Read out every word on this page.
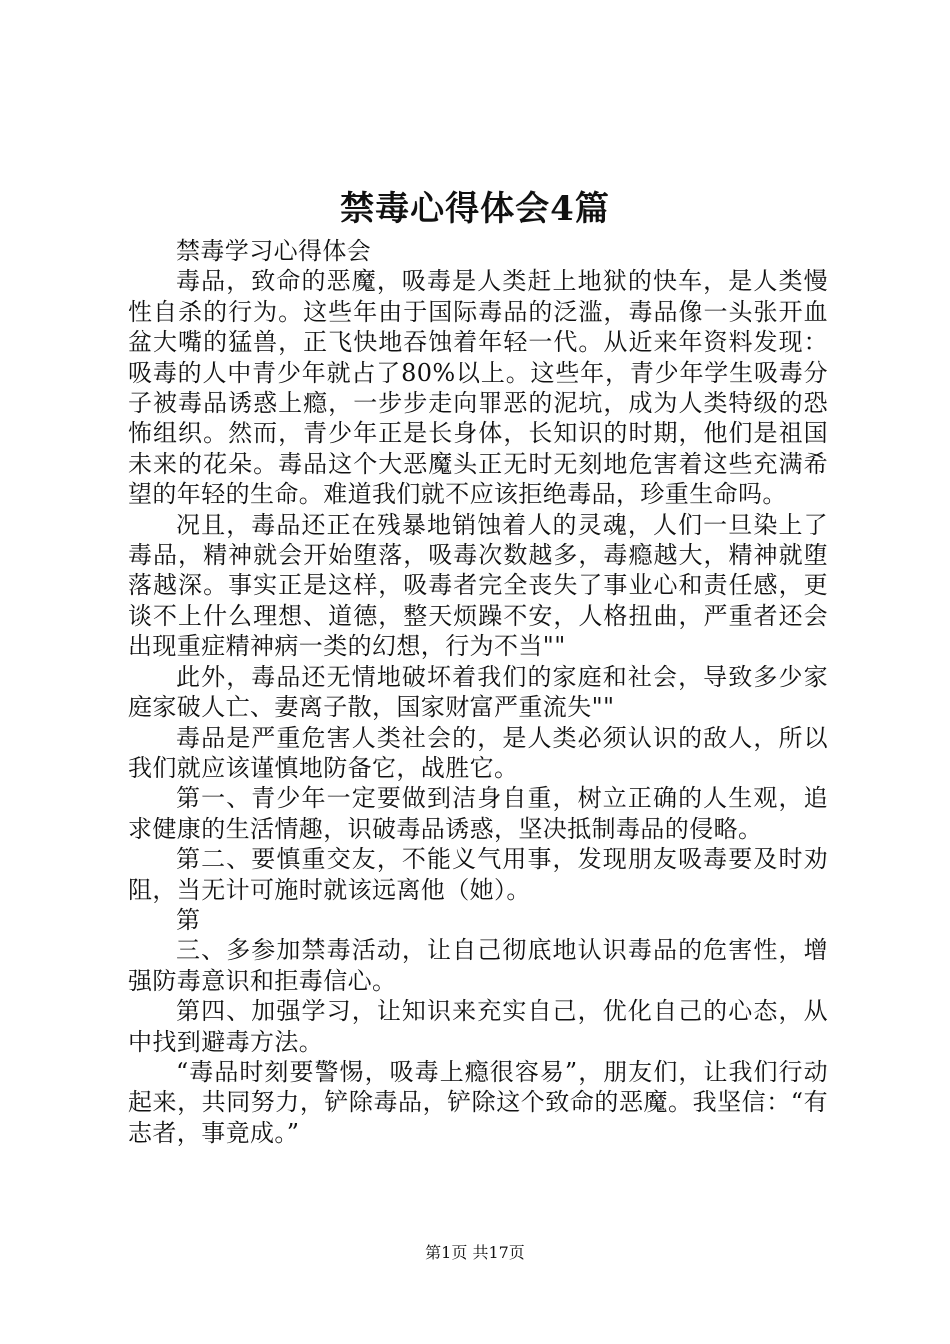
禁毒心得体会4篇

禁毒学习心得体会

毒品，致命的恶魔，吸毒是人类赶上地狱的快车，是人类慢性自杀的行为。这些年由于国际毒品的泛滥，毒品像一头张开血盆大嘴的猛兽，正飞快地吞蚀着年轻一代。从近来年资料发现：吸毒的人中青少年就占了80%以上。这些年，青少年学生吸毒分子被毒品诱惑上瘾，一步步走向罪恶的泥坑，成为人类特级的恐怖组织。然而，青少年正是长身体，长知识的时期，他们是祖国未来的花朵。毒品这个大恶魔头正无时无刻地危害着这些充满希望的年轻的生命。难道我们就不应该拒绝毒品，珍重生命吗。

况且，毒品还正在残暴地销蚀着人的灵魂，人们一旦染上了毒品，精神就会开始堕落，吸毒次数越多，毒瘾越大，精神就堕落越深。事实正是这样，吸毒者完全丧失了事业心和责任感，更谈不上什么理想、道德，整天烦躁不安，人格扭曲，严重者还会出现重症精神病一类的幻想，行为不当""

此外，毒品还无情地破坏着我们的家庭和社会，导致多少家庭家破人亡、妻离子散，国家财富严重流失""

毒品是严重危害人类社会的，是人类必须认识的敌人，所以我们就应该谨慎地防备它，战胜它。

第一、青少年一定要做到洁身自重，树立正确的人生观，追求健康的生活情趣，识破毒品诱惑，坚决抵制毒品的侵略。

第二、要慎重交友，不能义气用事，发现朋友吸毒要及时劝阻，当无计可施时就该远离他（她）。

第

三、多参加禁毒活动，让自己彻底地认识毒品的危害性，增强防毒意识和拒毒信心。

第四、加强学习，让知识来充实自己，优化自己的心态，从中找到避毒方法。

“毒品时刻要警惕，吸毒上瘾很容易”，朋友们，让我们行动起来，共同努力，铲除毒品，铲除这个致命的恶魔。我坚信：“有志者，事竟成。”

第1页 共17页
